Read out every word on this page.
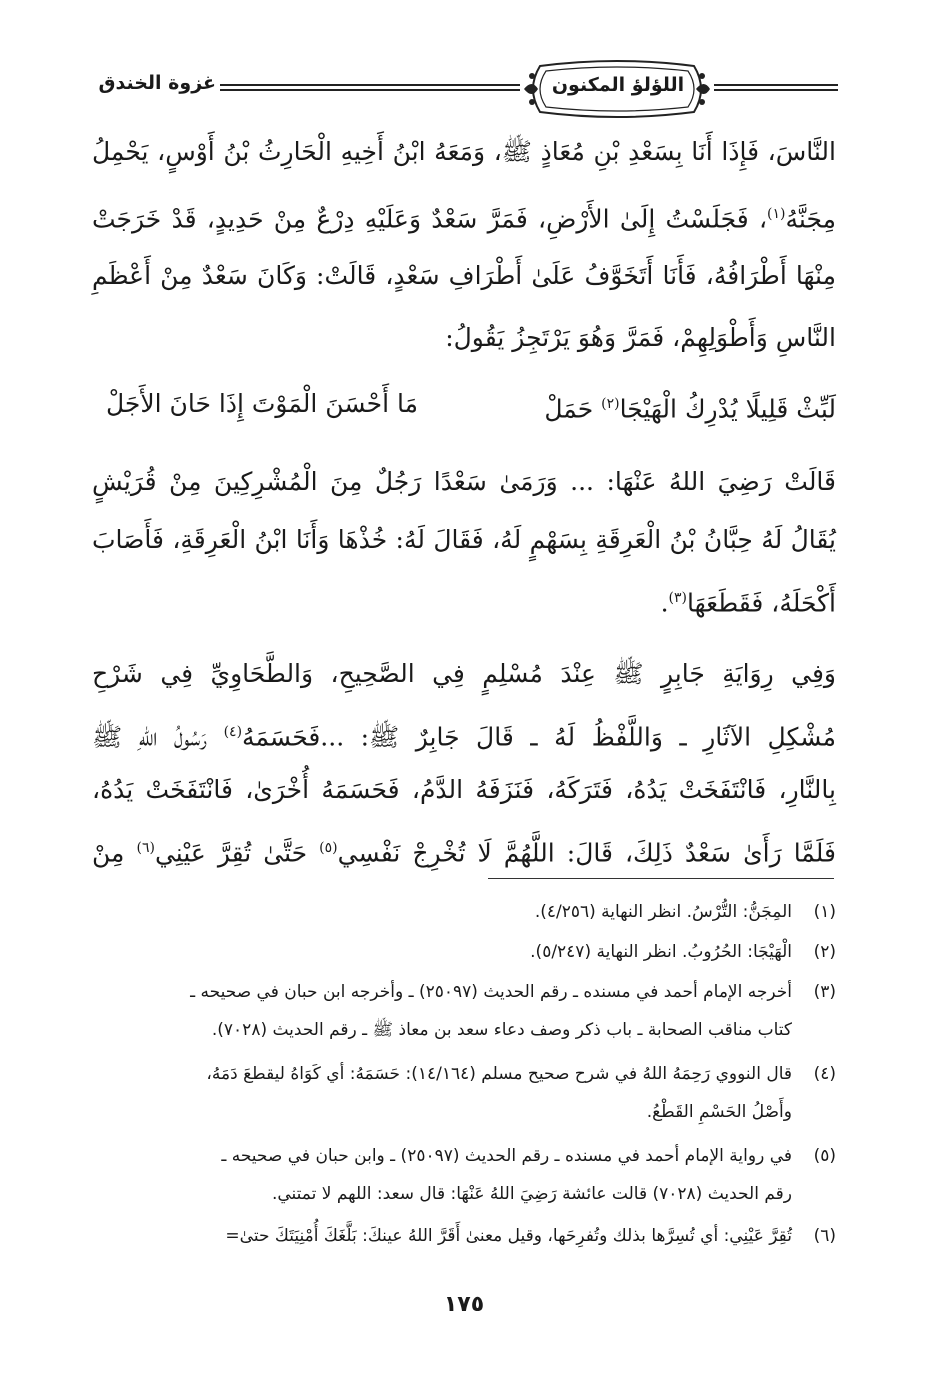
غزوة الخندق	اللؤلؤ المكنون
النَّاسَ، فَإِذَا أَنَا بِسَعْدِ بْنِ مُعَاذٍ ﷺ، وَمَعَهُ ابْنُ أَخِيهِ الْحَارِثُ بْنُ أَوْسٍ، يَحْمِلُ
مِجَنَّهُ$^{(١)}$، فَجَلَسْتُ إِلَىٰ الأَرْضِ، فَمَرَّ سَعْدٌ وَعَلَيْهِ دِرْعٌ مِنْ حَدِيدٍ، قَدْ خَرَجَتْ
مِنْهَا أَطْرَافُهُ، فَأَنَا أَتَخَوَّفُ عَلَىٰ أَطْرَافِ سَعْدٍ، قَالَتْ: وَكَانَ سَعْدٌ مِنْ أَعْظَمِ
النَّاسِ وَأَطْوَلِهِمْ، فَمَرَّ وَهُوَ يَرْتَجِزُ يَقُولُ:
لَبِّثْ قَلِيلًا يُدْرِكُ الْهَيْجَا$^{(٢)}$ حَمَلْ
مَا أَحْسَنَ الْمَوْتَ إِذَا حَانَ الأَجَلْ
قَالَتْ رَضِيَ اللهُ عَنْهَا: ... وَرَمَىٰ سَعْدًا رَجُلٌ مِنَ الْمُشْرِكِينَ مِنْ قُرَيْشٍ
يُقَالُ لَهُ حِبَّانُ بْنُ الْعَرِقَةِ بِسَهْمٍ لَهُ، فَقَالَ لَهُ: خُذْهَا وَأَنَا ابْنُ الْعَرِقَةِ، فَأَصَابَ
أَكْحَلَهُ، فَقَطَعَهَا$^{(٣)}$.
وَفِي رِوَايَةِ جَابِرٍ ﷺ عِنْدَ مُسْلِمٍ فِي الصَّحِيحِ، وَالطَّحَاوِيِّ فِي شَرْحِ
مُشْكِلِ الآثَارِ ـ وَاللَّفْظُ لَهُ ـ قَالَ جَابِرٌ ﷺ: ...فَحَسَمَهُ$^{(٤)}$ رَسُولُ اللهِ ﷺ
بِالنَّارِ، فَانْتَفَخَتْ يَدُهُ، فَتَرَكَهُ، فَنَزَفَهُ الدَّمُ، فَحَسَمَهُ أُخْرَىٰ، فَانْتَفَخَتْ يَدُهُ،
فَلَمَّا رَأَىٰ سَعْدٌ ذَلِكَ، قَالَ: اللَّهُمَّ لَا تُخْرِجْ نَفْسِي$^{(٥)}$ حَتَّىٰ تُقِرَّ عَيْنِي$^{(٦)}$ مِنْ
(١)المِجَنُّ: التُّرْسُ. انظر النهاية (٤/٢٥٦).
(٢)الْهَيْجَا: الحُرُوبُ. انظر النهاية (٥/٢٤٧).
(٣)أخرجه الإمام أحمد في مسنده ـ رقم الحديث (٢٥٠٩٧) ـ وأخرجه ابن حبان في صحيحه ـ
كتاب مناقب الصحابة ـ باب ذكر وصف دعاء سعد بن معاذ ﷺ ـ رقم الحديث (٧٠٢٨).
(٤)قال النووي رَحِمَهُ اللهُ في شرح صحيح مسلم (١٤/١٦٤): حَسَمَهُ: أي كَوَاهُ ليقطعَ دَمَهُ،
وأَصْلُ الحَسْمِ القَطْعُ.
(٥)في رواية الإمام أحمد في مسنده ـ رقم الحديث (٢٥٠٩٧) ـ وابن حبان في صحيحه ـ
رقم الحديث (٧٠٢٨) قالت عائشة رَضِيَ اللهُ عَنْهَا: قال سعد: اللهم لا تمتني.
(٦)تُقِرَّ عَيْنِي: أي تُسِرَّها بذلك وتُفرِحَها، وقيل معنىٰ أَقَرَّ اللهُ عينكَ: بَلَّغَكَ أُمْنِيَتَكَ حتىٰ=
١٧٥
